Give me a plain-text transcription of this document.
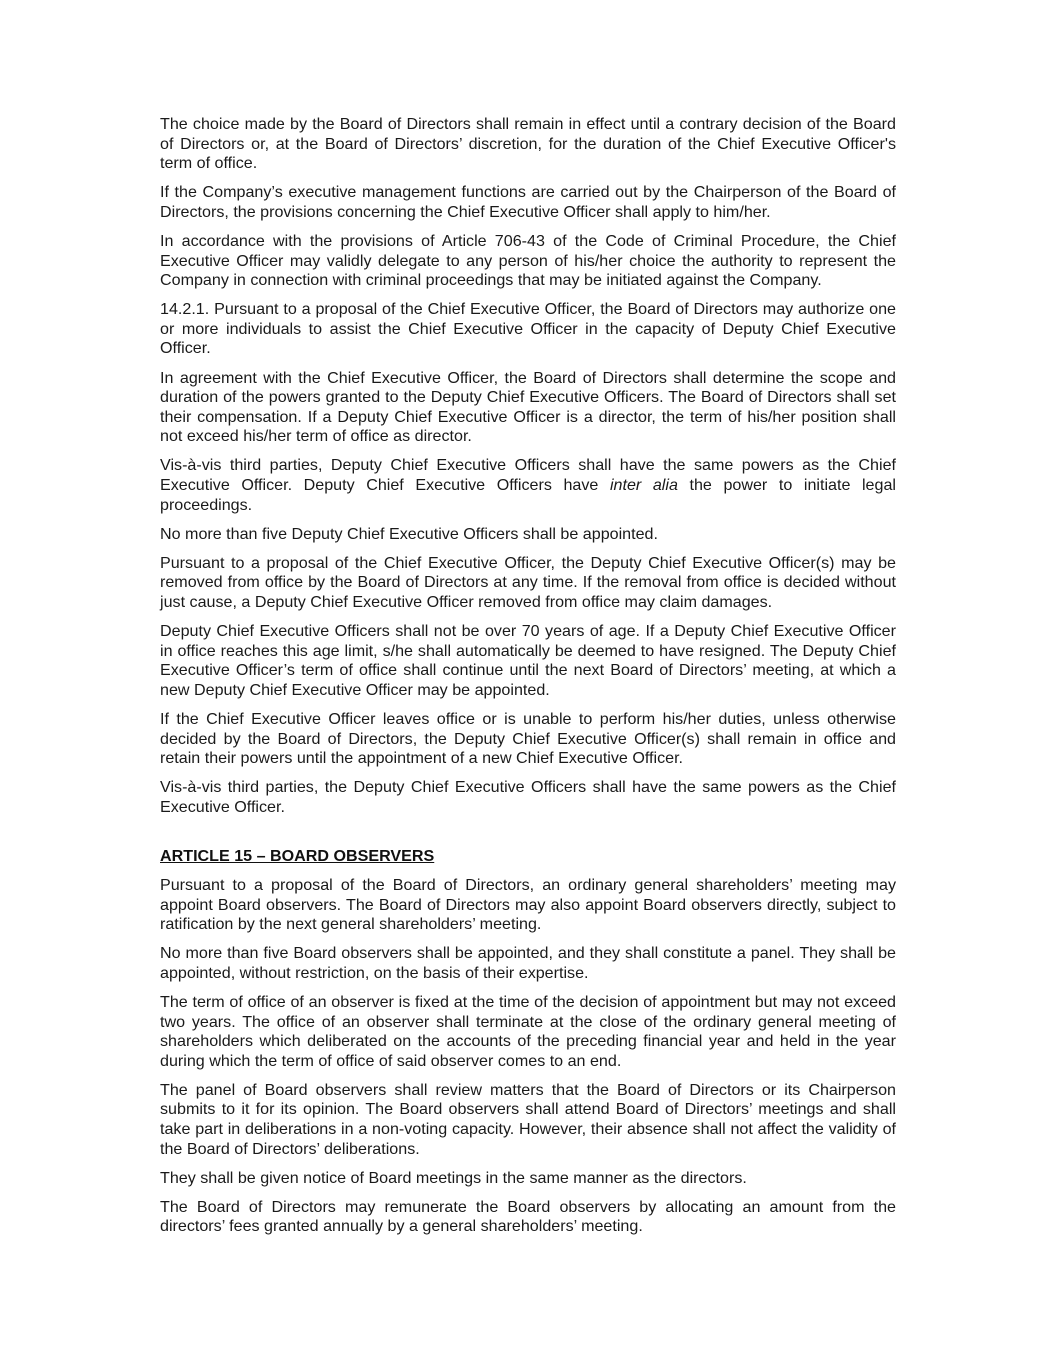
The choice made by the Board of Directors shall remain in effect until a contrary decision of the Board of Directors or, at the Board of Directors’ discretion, for the duration of the Chief Executive Officer's term of office.

If the Company’s executive management functions are carried out by the Chairperson of the Board of Directors, the provisions concerning the Chief Executive Officer shall apply to him/her.

In accordance with the provisions of Article 706-43 of the Code of Criminal Procedure, the Chief Executive Officer may validly delegate to any person of his/her choice the authority to represent the Company in connection with criminal proceedings that may be initiated against the Company.

14.2.1. Pursuant to a proposal of the Chief Executive Officer, the Board of Directors may authorize one or more individuals to assist the Chief Executive Officer in the capacity of Deputy Chief Executive Officer.

In agreement with the Chief Executive Officer, the Board of Directors shall determine the scope and duration of the powers granted to the Deputy Chief Executive Officers. The Board of Directors shall set their compensation. If a Deputy Chief Executive Officer is a director, the term of his/her position shall not exceed his/her term of office as director.

Vis-à-vis third parties, Deputy Chief Executive Officers shall have the same powers as the Chief Executive Officer. Deputy Chief Executive Officers have inter alia the power to initiate legal proceedings.

No more than five Deputy Chief Executive Officers shall be appointed.

Pursuant to a proposal of the Chief Executive Officer, the Deputy Chief Executive Officer(s) may be removed from office by the Board of Directors at any time. If the removal from office is decided without just cause, a Deputy Chief Executive Officer removed from office may claim damages.

Deputy Chief Executive Officers shall not be over 70 years of age. If a Deputy Chief Executive Officer in office reaches this age limit, s/he shall automatically be deemed to have resigned. The Deputy Chief Executive Officer’s term of office shall continue until the next Board of Directors’ meeting, at which a new Deputy Chief Executive Officer may be appointed.

If the Chief Executive Officer leaves office or is unable to perform his/her duties, unless otherwise decided by the Board of Directors, the Deputy Chief Executive Officer(s) shall remain in office and retain their powers until the appointment of a new Chief Executive Officer.

Vis-à-vis third parties, the Deputy Chief Executive Officers shall have the same powers as the Chief Executive Officer.

ARTICLE 15 – BOARD OBSERVERS

Pursuant to a proposal of the Board of Directors, an ordinary general shareholders’ meeting may appoint Board observers. The Board of Directors may also appoint Board observers directly, subject to ratification by the next general shareholders’ meeting.

No more than five Board observers shall be appointed, and they shall constitute a panel. They shall be appointed, without restriction, on the basis of their expertise.

The term of office of an observer is fixed at the time of the decision of appointment but may not exceed two years. The office of an observer shall terminate at the close of the ordinary general meeting of shareholders which deliberated on the accounts of the preceding financial year and held in the year during which the term of office of said observer comes to an end.

The panel of Board observers shall review matters that the Board of Directors or its Chairperson submits to it for its opinion. The Board observers shall attend Board of Directors’ meetings and shall take part in deliberations in a non-voting capacity. However, their absence shall not affect the validity of the Board of Directors’ deliberations.

They shall be given notice of Board meetings in the same manner as the directors.

The Board of Directors may remunerate the Board observers by allocating an amount from the directors’ fees granted annually by a general shareholders’ meeting.
